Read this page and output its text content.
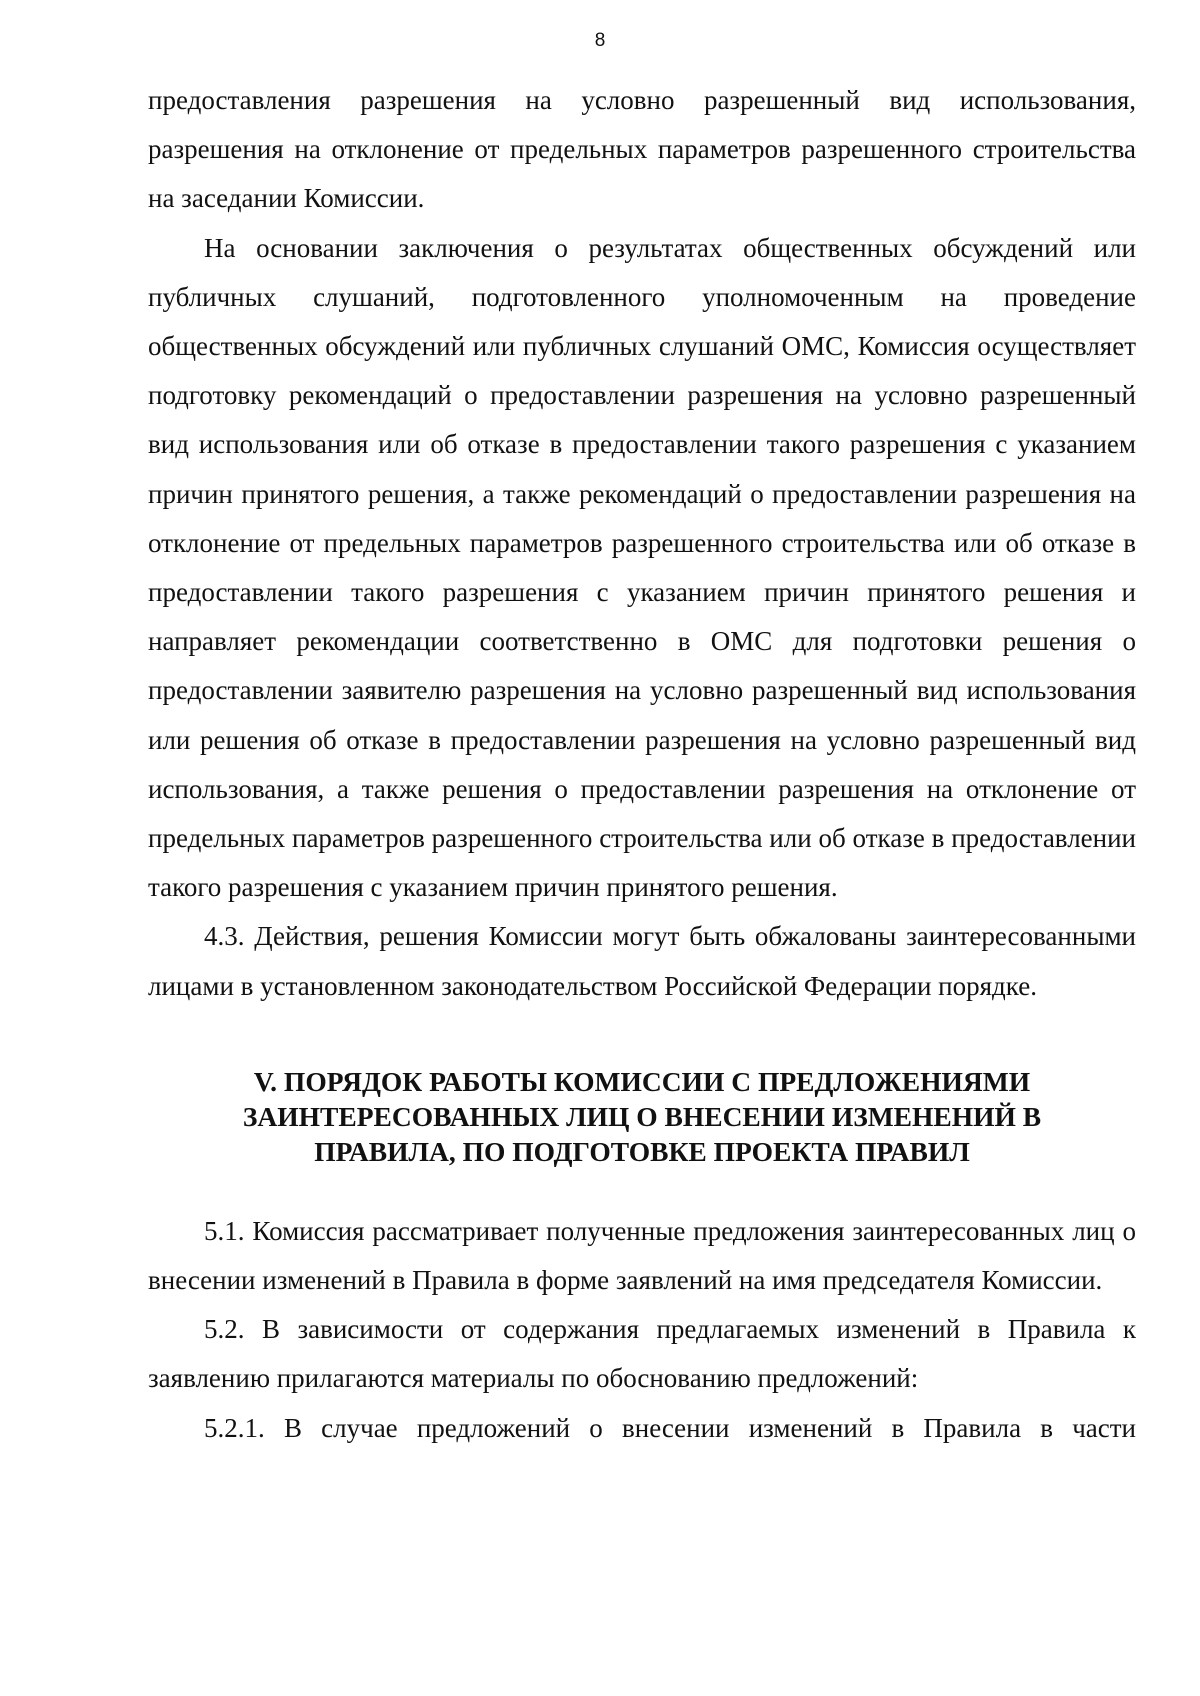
8

предоставления разрешения на условно разрешенный вид использования, разрешения на отклонение от предельных параметров разрешенного строительства на заседании Комиссии.

На основании заключения о результатах общественных обсуждений или публичных слушаний, подготовленного уполномоченным на проведение общественных обсуждений или публичных слушаний ОМС, Комиссия осуществляет подготовку рекомендаций о предоставлении разрешения на условно разрешенный вид использования или об отказе в предоставлении такого разрешения с указанием причин принятого решения, а также рекомендаций о предоставлении разрешения на отклонение от предельных параметров разрешенного строительства или об отказе в предоставлении такого разрешения с указанием причин принятого решения и направляет рекомендации соответственно в ОМС для подготовки решения о предоставлении заявителю разрешения на условно разрешенный вид использования или решения об отказе в предоставлении разрешения на условно разрешенный вид использования, а также решения о предоставлении разрешения на отклонение от предельных параметров разрешенного строительства или об отказе в предоставлении такого разрешения с указанием причин принятого решения.

4.3. Действия, решения Комиссии могут быть обжалованы заинтересованными лицами в установленном законодательством Российской Федерации порядке.

V. ПОРЯДОК РАБОТЫ КОМИССИИ С ПРЕДЛОЖЕНИЯМИ
ЗАИНТЕРЕСОВАННЫХ ЛИЦ О ВНЕСЕНИИ ИЗМЕНЕНИЙ В
ПРАВИЛА, ПО ПОДГОТОВКЕ ПРОЕКТА ПРАВИЛ

5.1. Комиссия рассматривает полученные предложения заинтересованных лиц о внесении изменений в Правила в форме заявлений на имя председателя Комиссии.

5.2. В зависимости от содержания предлагаемых изменений в Правила к заявлению прилагаются материалы по обоснованию предложений:

5.2.1. В случае предложений о внесении изменений в Правила в части
